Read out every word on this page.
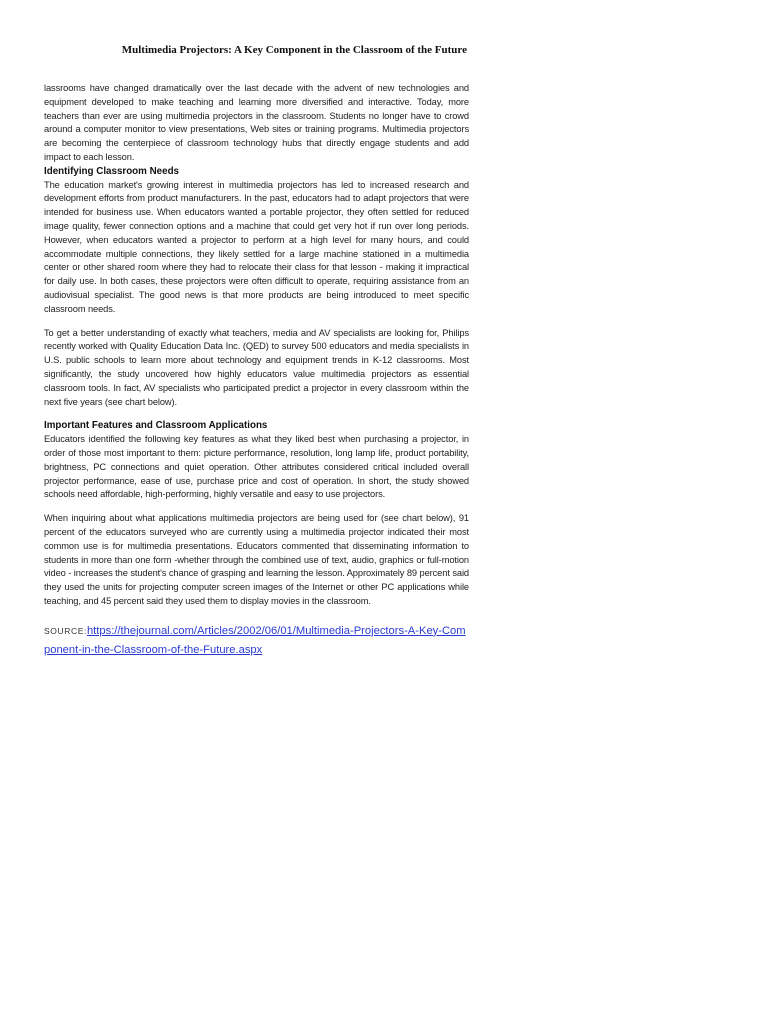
Multimedia Projectors: A Key Component in the Classroom of the Future

lassrooms have changed dramatically over the last decade with the advent of new technologies and equipment developed to make teaching and learning more diversified and interactive. Today, more teachers than ever are using multimedia projectors in the classroom. Students no longer have to crowd around a computer monitor to view presentations, Web sites or training programs. Multimedia projectors are becoming the centerpiece of classroom technology hubs that directly engage students and add impact to each lesson.

Identifying Classroom Needs

The education market's growing interest in multimedia projectors has led to increased research and development efforts from product manufacturers. In the past, educators had to adapt projectors that were intended for business use. When educators wanted a portable projector, they often settled for reduced image quality, fewer connection options and a machine that could get very hot if run over long periods. However, when educators wanted a projector to perform at a high level for many hours, and could accommodate multiple connections, they likely settled for a large machine stationed in a multimedia center or other shared room where they had to relocate their class for that lesson - making it impractical for daily use. In both cases, these projectors were often difficult to operate, requiring assistance from an audiovisual specialist. The good news is that more products are being introduced to meet specific classroom needs.

To get a better understanding of exactly what teachers, media and AV specialists are looking for, Philips recently worked with Quality Education Data Inc. (QED) to survey 500 educators and media specialists in U.S. public schools to learn more about technology and equipment trends in K-12 classrooms. Most significantly, the study uncovered how highly educators value multimedia projectors as essential classroom tools. In fact, AV specialists who participated predict a projector in every classroom within the next five years (see chart below).

Important Features and Classroom Applications

Educators identified the following key features as what they liked best when purchasing a projector, in order of those most important to them: picture performance, resolution, long lamp life, product portability, brightness, PC connections and quiet operation. Other attributes considered critical included overall projector performance, ease of use, purchase price and cost of operation. In short, the study showed schools need affordable, high-performing, highly versatile and easy to use projectors.

When inquiring about what applications multimedia projectors are being used for (see chart below), 91 percent of the educators surveyed who are currently using a multimedia projector indicated their most common use is for multimedia presentations. Educators commented that disseminating information to students in more than one form -whether through the combined use of text, audio, graphics or full-motion video - increases the student's chance of grasping and learning the lesson. Approximately 89 percent said they used the units for projecting computer screen images of the Internet or other PC applications while teaching, and 45 percent said they used them to display movies in the classroom.

SOURCE:https://thejournal.com/Articles/2002/06/01/Multimedia-Projectors-A-Key-Component-in-the-Classroom-of-the-Future.aspx
